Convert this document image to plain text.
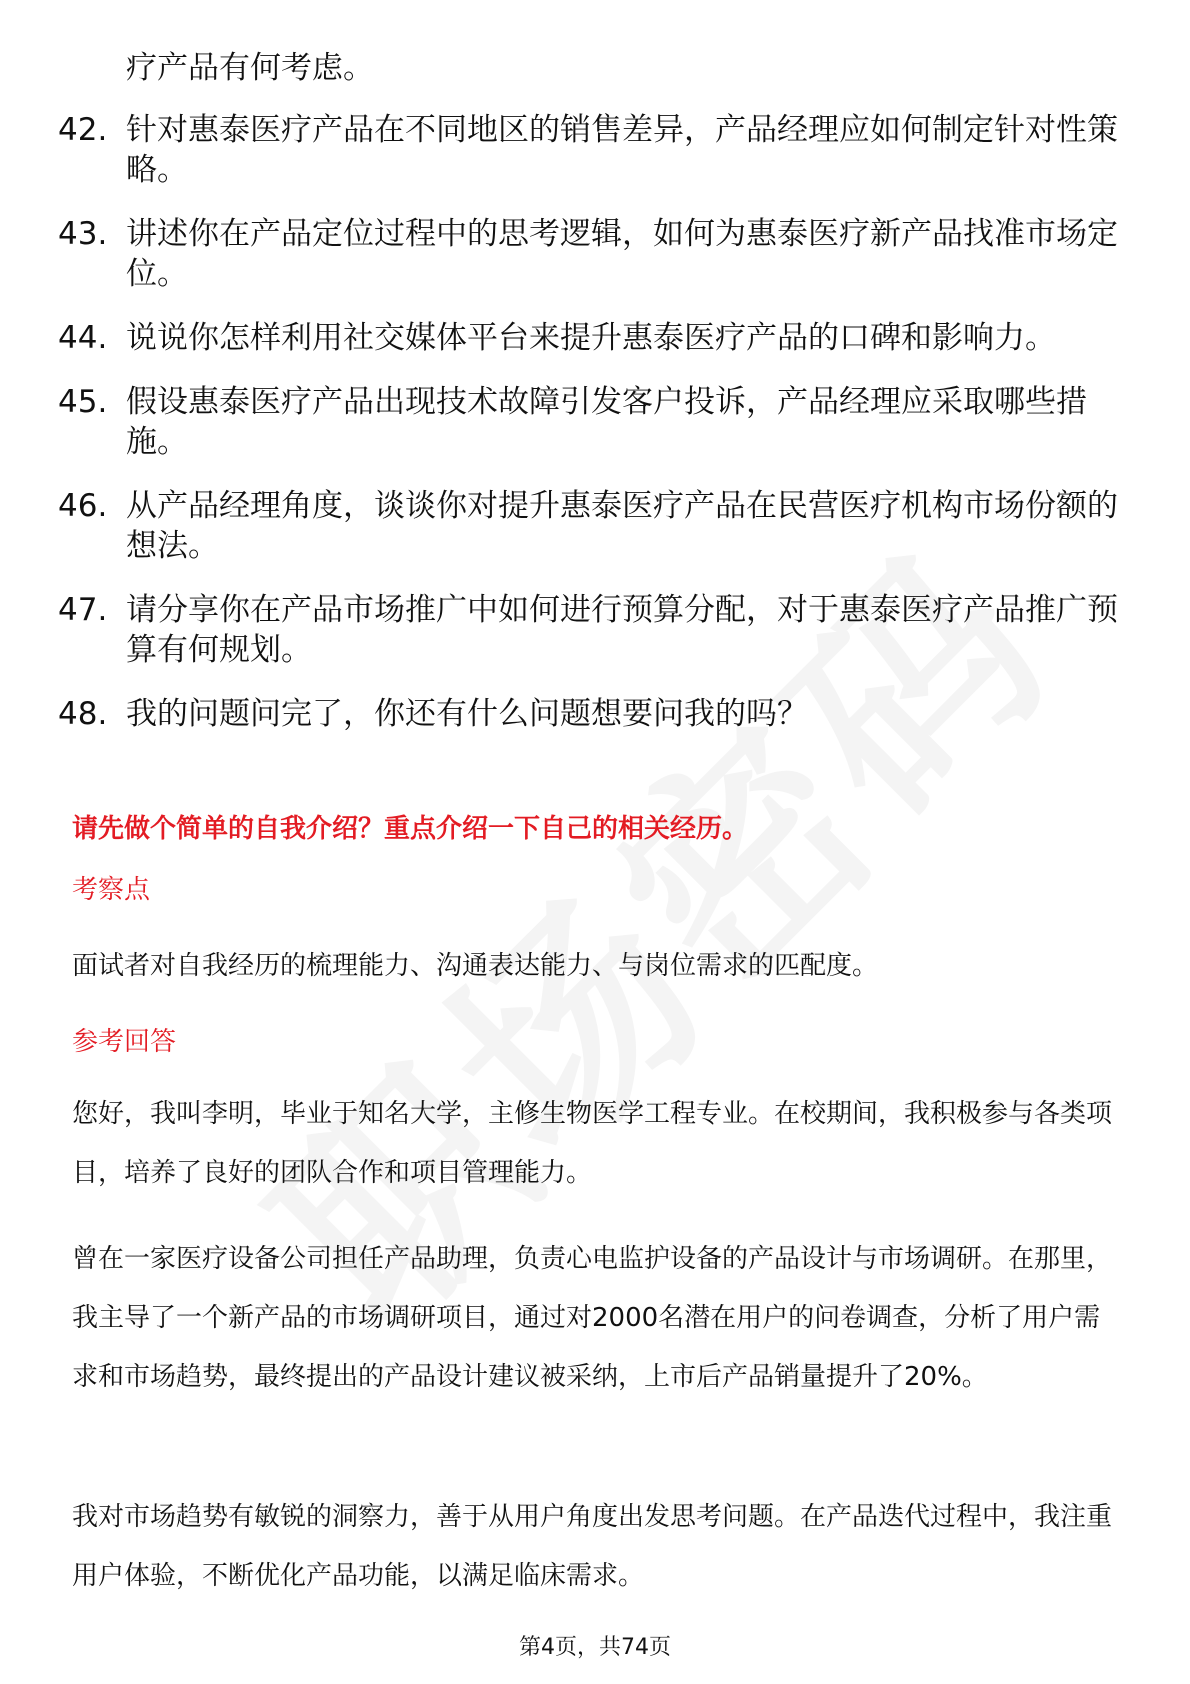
疗产品有何考虑。
42. 针对惠泰医疗产品在不同地区的销售差异，产品经理应如何制定针对性策略。
43. 讲述你在产品定位过程中的思考逻辑，如何为惠泰医疗新产品找准市场定位。
44. 说说你怎样利用社交媒体平台来提升惠泰医疗产品的口碑和影响力。
45. 假设惠泰医疗产品出现技术故障引发客户投诉，产品经理应采取哪些措施。
46. 从产品经理角度，谈谈你对提升惠泰医疗产品在民营医疗机构市场份额的想法。
47. 请分享你在产品市场推广中如何进行预算分配，对于惠泰医疗产品推广预算有何规划。
48. 我的问题问完了，你还有什么问题想要问我的吗？
请先做个简单的自我介绍？重点介绍一下自己的相关经历。
考察点
面试者对自我经历的梳理能力、沟通表达能力、与岗位需求的匹配度。
参考回答
您好，我叫李明，毕业于知名大学，主修生物医学工程专业。在校期间，我积极参与各类项目，培养了良好的团队合作和项目管理能力。
曾在一家医疗设备公司担任产品助理，负责心电监护设备的产品设计与市场调研。在那里，我主导了一个新产品的市场调研项目，通过对2000名潜在用户的问卷调查，分析了用户需求和市场趋势，最终提出的产品设计建议被采纳，上市后产品销量提升了20%。
我对市场趋势有敏锐的洞察力，善于从用户角度出发思考问题。在产品迭代过程中，我注重用户体验，不断优化产品功能，以满足临床需求。
第4页，共74页
